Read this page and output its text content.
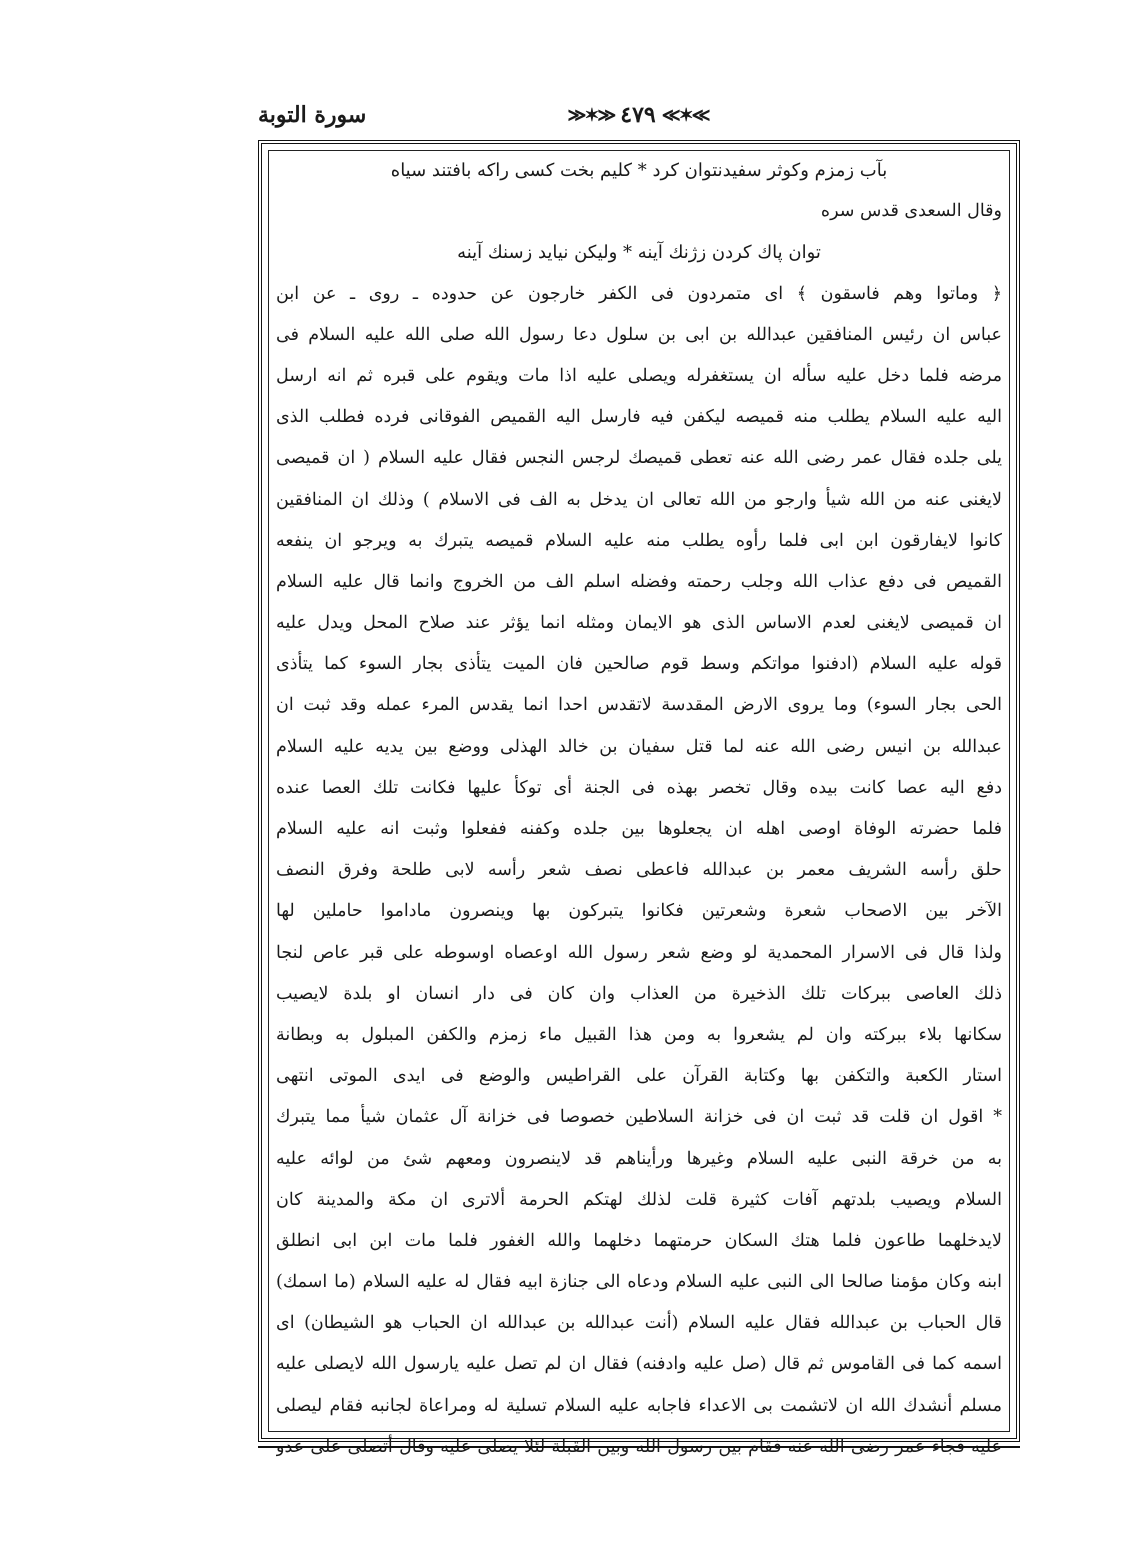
سورة التوبة	≫✶≫ ٤٧٩ ≪✶≪
بآب زمزم وكوثر سفيدنتوان كرد * كليم بخت كسى راكه بافتند سياه
وقال السعدى قدس سره
توان پاك كردن زژنك آينه * وليكن نيايد زسنك آينه
﴿ وماتوا وهم فاسقون ﴾ اى متمردون فى الكفر خارجون عن حدوده ـ روى ـ عن ابن
عباس ان رئيس المنافقين عبدالله بن ابى بن سلول دعا رسول الله صلى الله عليه السلام فى
مرضه فلما دخل عليه سأله ان يستغفرله ويصلى عليه اذا مات ويقوم على قبره ثم انه ارسل
اليه عليه السلام يطلب منه قميصه ليكفن فيه فارسل اليه القميص الفوقانى فرده فطلب الذى
يلى جلده فقال عمر رضى الله عنه تعطى قميصك لرجس النجس فقال عليه السلام ( ان قميصى
لايغنى عنه من الله شيأ وارجو من الله تعالى ان يدخل به الف فى الاسلام ) وذلك ان المنافقين
كانوا لايفارقون ابن ابى فلما رأوه يطلب منه عليه السلام قميصه يتبرك به ويرجو ان ينفعه
القميص فى دفع عذاب الله وجلب رحمته وفضله اسلم الف من الخروج وانما قال عليه السلام
ان قميصى لايغنى لعدم الاساس الذى هو الايمان ومثله انما يؤثر عند صلاح المحل ويدل عليه
قوله عليه السلام (ادفنوا مواتكم وسط قوم صالحين فان الميت يتأذى بجار السوء كما يتأذى
الحى بجار السوء) وما يروى الارض المقدسة لاتقدس احدا انما يقدس المرء عمله وقد ثبت ان
عبدالله بن انيس رضى الله عنه لما قتل سفيان بن خالد الهذلى ووضع بين يديه عليه السلام
دفع اليه عصا كانت بيده وقال تخصر بهذه فى الجنة أى توكأ عليها فكانت تلك العصا عنده
فلما حضرته الوفاة اوصى اهله ان يجعلوها بين جلده وكفنه ففعلوا وثبت انه عليه السلام
حلق رأسه الشريف معمر بن عبدالله فاعطى نصف شعر رأسه لابى طلحة وفرق النصف
الآخر بين الاصحاب شعرة وشعرتين فكانوا يتبركون بها وينصرون ماداموا حاملين لها
ولذا قال فى الاسرار المحمدية لو وضع شعر رسول الله اوعصاه اوسوطه على قبر عاص لنجا
ذلك العاصى ببركات تلك الذخيرة من العذاب وان كان فى دار انسان او بلدة لايصيب
سكانها بلاء ببركته وان لم يشعروا به ومن هذا القبيل ماء زمزم والكفن المبلول به وبطانة
استار الكعبة والتكفن بها وكتابة القرآن على القراطيس والوضع فى ايدى الموتى انتهى
* اقول ان قلت قد ثبت ان فى خزانة السلاطين خصوصا فى خزانة آل عثمان شيأ مما يتبرك
به من خرقة النبى عليه السلام وغيرها ورأيناهم قد لاينصرون ومعهم شئ من لوائه عليه
السلام ويصيب بلدتهم آفات كثيرة قلت لذلك لهتكم الحرمة ألاترى ان مكة والمدينة كان
لايدخلهما طاعون فلما هتك السكان حرمتهما دخلهما والله الغفور فلما مات ابن ابى انطلق
ابنه وكان مؤمنا صالحا الى النبى عليه السلام ودعاه الى جنازة ابيه فقال له عليه السلام (ما اسمك)
قال الحباب بن عبدالله فقال عليه السلام (أنت عبدالله بن عبدالله ان الحباب هو الشيطان) اى
اسمه كما فى القاموس ثم قال (صل عليه وادفنه) فقال ان لم تصل عليه يارسول الله لايصلى عليه
مسلم أنشدك الله ان لاتشمت بى الاعداء فاجابه عليه السلام تسلية له ومراعاة لجانبه فقام ليصلى
عليه فجاء عمر رضى الله عنه فقام بين رسول الله وبين القبلة لئلا يصلى عليه وقال أتصلى على عدو
